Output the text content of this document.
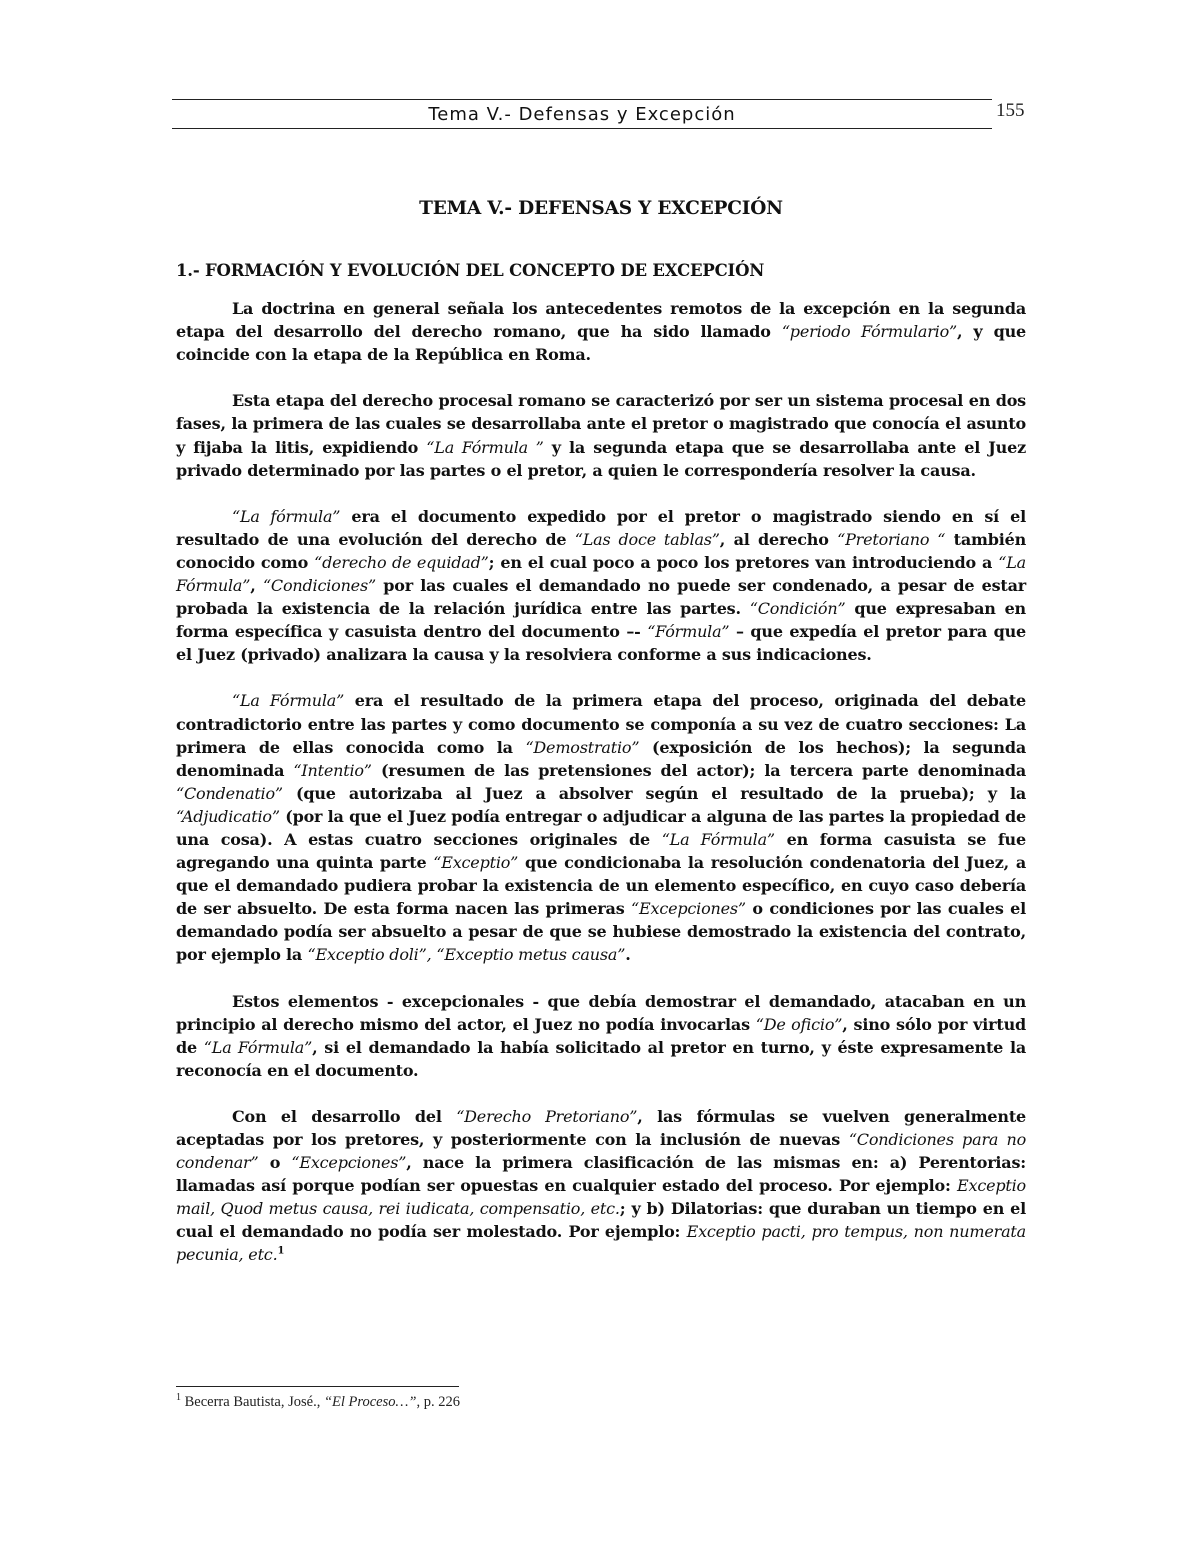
Tema V.- Defensas y Excepción	155
TEMA V.- DEFENSAS Y EXCEPCIÓN
1.- FORMACIÓN Y EVOLUCIÓN DEL CONCEPTO DE EXCEPCIÓN

La doctrina en general señala los antecedentes remotos de la excepción en la segunda etapa del desarrollo del derecho romano, que ha sido llamado “periodo Fórmulario”, y que coincide con la etapa de la República en Roma.

Esta etapa del derecho procesal romano se caracterizó por ser un sistema procesal en dos fases, la primera de las cuales se desarrollaba ante el pretor o magistrado que conocía el asunto y fijaba la litis, expidiendo “La Fórmula ” y la segunda etapa que se desarrollaba ante el Juez privado determinado por las partes o el pretor, a quien le correspondería resolver la causa.

“La fórmula” era el documento expedido por el pretor o magistrado siendo en sí el resultado de una evolución del derecho de “Las doce tablas”, al derecho “Pretoriano “ también conocido como “derecho de equidad”; en el cual poco a poco los pretores van introduciendo a “La Fórmula”, “Condiciones” por las cuales el demandado no puede ser condenado, a pesar de estar probada la existencia de la relación jurídica entre las partes. “Condición” que expresaban en forma específica y casuista dentro del documento –- “Fórmula” – que expedía el pretor para que el Juez (privado) analizara la causa y la resolviera conforme a sus indicaciones.

“La Fórmula” era el resultado de la primera etapa del proceso, originada del debate contradictorio entre las partes y como documento se componía a su vez de cuatro secciones: La primera de ellas conocida como la “Demostratio” (exposición de los hechos); la segunda denominada “Intentio” (resumen de las pretensiones del actor); la tercera parte denominada “Condenatio” (que autorizaba al Juez a absolver según el resultado de la prueba); y la “Adjudicatio” (por la que el Juez podía entregar o adjudicar a alguna de las partes la propiedad de una cosa). A estas cuatro secciones originales de “La Fórmula” en forma casuista se fue agregando una quinta parte “Exceptio” que condicionaba la resolución condenatoria del Juez, a que el demandado pudiera probar la existencia de un elemento específico, en cuyo caso debería de ser absuelto. De esta forma nacen las primeras “Excepciones” o condiciones por las cuales el demandado podía ser absuelto a pesar de que se hubiese demostrado la existencia del contrato, por ejemplo la “Exceptio doli”, “Exceptio metus causa”.

Estos elementos - excepcionales - que debía demostrar el demandado, atacaban en un principio al derecho mismo del actor, el Juez no podía invocarlas “De oficio”, sino sólo por virtud de “La Fórmula”, si el demandado la había solicitado al pretor en turno, y éste expresamente la reconocía en el documento.

Con el desarrollo del “Derecho Pretoriano”, las fórmulas se vuelven generalmente aceptadas por los pretores, y posteriormente con la inclusión de nuevas “Condiciones para no condenar” o “Excepciones”, nace la primera clasificación de las mismas en: a) Perentorias: llamadas así porque podían ser opuestas en cualquier estado del proceso. Por ejemplo: Exceptio mail, Quod metus causa, rei iudicata, compensatio, etc.; y b) Dilatorias: que duraban un tiempo en el cual el demandado no podía ser molestado. Por ejemplo: Exceptio pacti, pro tempus, non numerata pecunia, etc.$^1$

$^1$ Becerra Bautista, José., “El Proceso…”, p. 226
